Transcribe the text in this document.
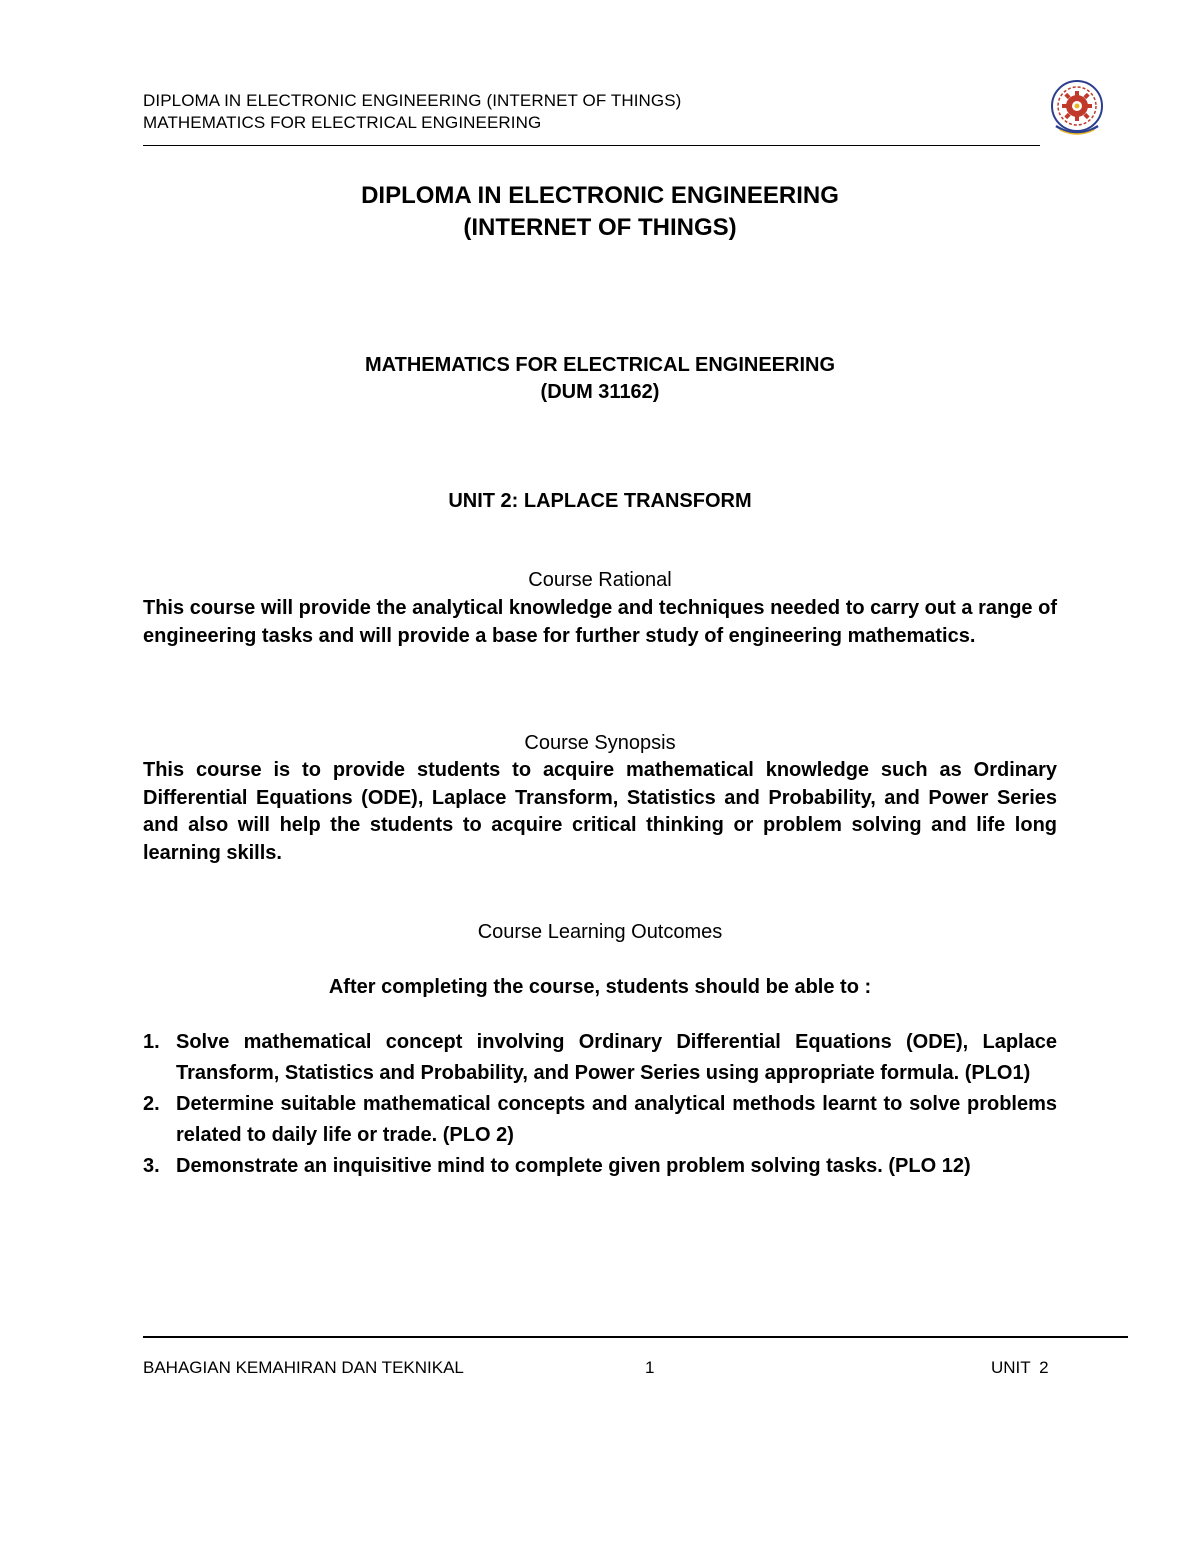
DIPLOMA IN ELECTRONIC ENGINEERING (INTERNET OF THINGS)
MATHEMATICS FOR ELECTRICAL ENGINEERING
DIPLOMA IN ELECTRONIC ENGINEERING
(INTERNET OF THINGS)
MATHEMATICS FOR ELECTRICAL ENGINEERING
(DUM 31162)
UNIT 2: LAPLACE TRANSFORM
Course Rational
This course will provide the analytical knowledge and techniques needed to carry out a range of engineering tasks and will provide a base for further study of engineering mathematics.
Course Synopsis
This course is to provide students to acquire mathematical knowledge such as Ordinary Differential Equations (ODE), Laplace Transform, Statistics and Probability, and Power Series and also will help the students to acquire critical thinking or problem solving and life long learning skills.
Course Learning Outcomes
After completing the course, students should be able to :
1. Solve mathematical concept involving Ordinary Differential Equations (ODE), Laplace Transform, Statistics and Probability, and Power Series using appropriate formula. (PLO1)
2. Determine suitable mathematical concepts and analytical methods learnt to solve problems related to daily life or trade. (PLO 2)
3. Demonstrate an inquisitive mind to complete given problem solving tasks. (PLO 12)
BAHAGIAN KEMAHIRAN DAN TEKNIKAL	1	UNIT 2
